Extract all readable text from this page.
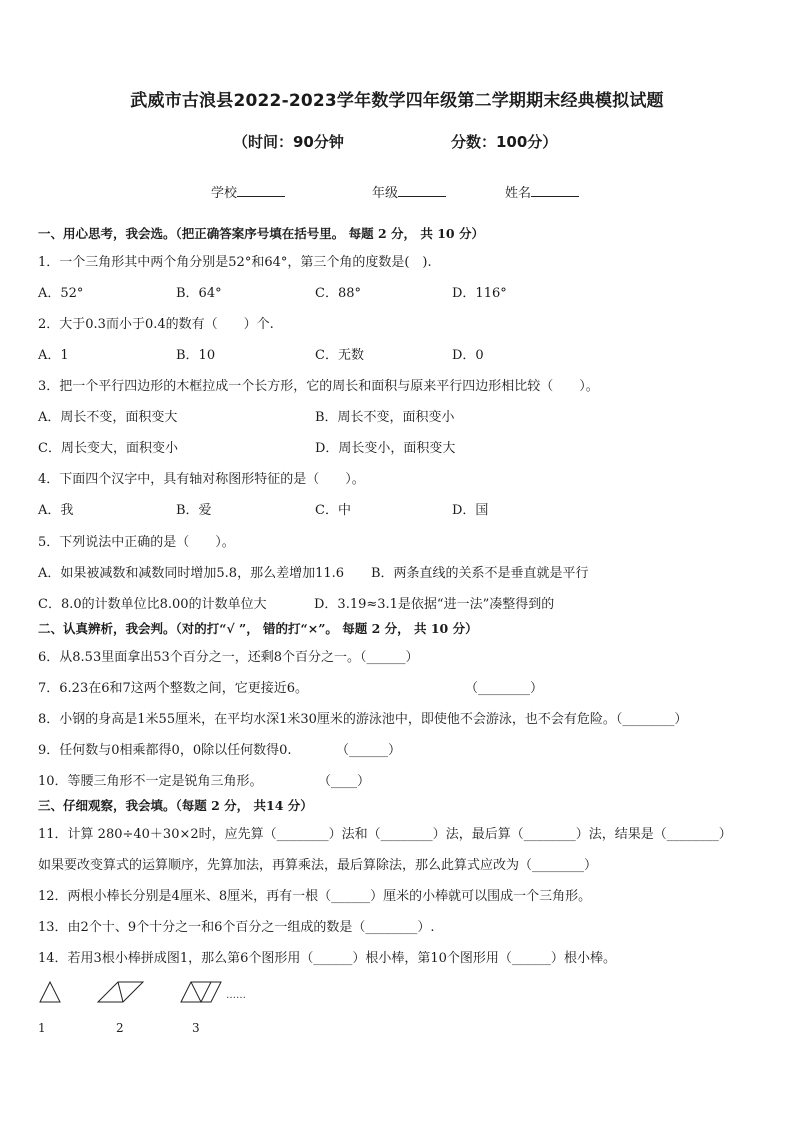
武威市古浪县2022-2023学年数学四年级第二学期期末经典模拟试题
（时间：90分钟	分数：100分）
学校	年级	姓名
一、用心思考，我会选。（把正确答案序号填在括号里。 每题 2 分， 共 10 分）
1．一个三角形其中两个角分别是52°和64°，第三个角的度数是(　).
A．52°	B．64°	C．88°	D．116°
2．大于0.3而小于0.4的数有（　　）个.
A．1	B．10	C．无数	D．0
3．把一个平行四边形的木框拉成一个长方形，它的周长和面积与原来平行四边形相比较（　　）。
A．周长不变，面积变大	B．周长不变，面积变小
C．周长变大，面积变小	D．周长变小，面积变大
4．下面四个汉字中，具有轴对称图形特征的是（　　）。
A．我	B．爱	C．中	D．国
5．下列说法中正确的是（　　）。
A．如果被减数和减数同时增加5.8，那么差增加11.6 B．两条直线的关系不是垂直就是平行
C．8.0的计数单位比8.00的计数单位大	D．3.19≈3.1是依据“进一法”凑整得到的
二、认真辨析，我会判。（对的打“√ ”， 错的打“×”。 每题 2 分， 共 10 分）
6．从8.53里面拿出53个百分之一，还剩8个百分之一。（______）
7．6.23在6和7这两个整数之间，它更接近6。	（________）
8．小钢的身高是1米55厘米，在平均水深1米30厘米的游泳池中，即使他不会游泳，也不会有危险。（________）
9．任何数与0相乘都得0，0除以任何数得0.	（______）
10．等腰三角形不一定是锐角三角形。	（____）
三、仔细观察，我会填。（每题 2 分， 共14 分）
11．计算 280÷40＋30×2时，应先算（________）法和（________）法，最后算（________）法，结果是（________）
如果要改变算式的运算顺序，先算加法，再算乘法，最后算除法，那么此算式应改为（________）
12．两根小棒长分别是4厘米、8厘米，再有一根（______）厘米的小棒就可以围成一个三角形。
13．由2个十、9个十分之一和6个百分之一组成的数是（________）.
14．若用3根小棒拼成图1，那么第6个图形用（______）根小棒，第10个图形用（______）根小棒。
……
1	2	3
